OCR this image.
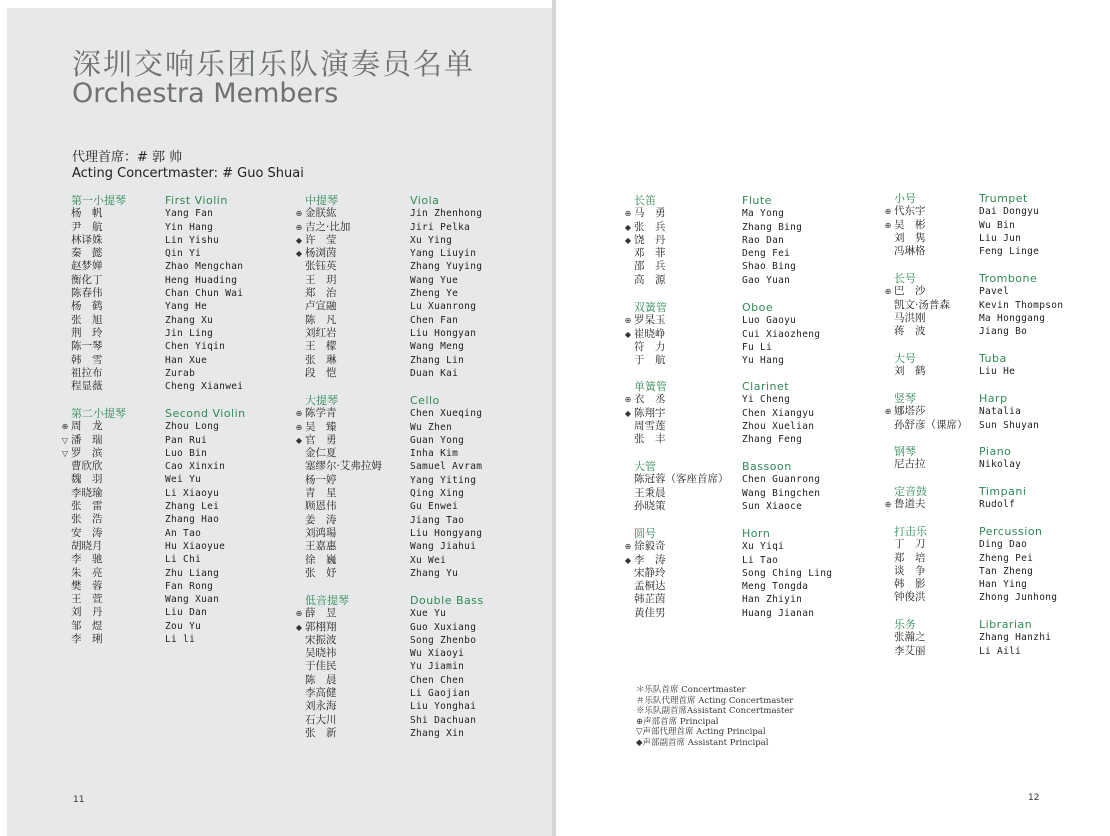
深圳交响乐团乐队演奏员名单
Orchestra Members
代理首席：# 郭 帅
Acting Concertmaster: # Guo Shuai
第一小提琴	First Violin
杨　帆	Yang Fan
尹　航	Yin Hang
林译姝	Lin Yishu
秦　懿	Qin Yi
赵梦婵	Zhao Mengchan
衡化丁	Heng Huading
陈春伟	Chan Chun Wai
杨　鹤	Yang He
张　旭	Zhang Xu
荆　玲	Jin Ling
陈一琴	Chen Yiqin
韩　雪	Han Xue
祖拉布	Zurab
程显薇	Cheng Xianwei
第二小提琴	Second Violin
⊕ 周　龙	Zhou Long
▽ 潘　瑞	Pan Rui
▽ 罗　滨	Luo Bin
曹欣欣	Cao Xinxin
魏　羽	Wei Yu
李晓瑜	Li Xiaoyu
张　雷	Zhang Lei
张　浩	Zhang Hao
安　涛	An Tao
胡晓月	Hu Xiaoyue
李　驰	Li Chi
朱　亮	Zhu Liang
樊　蓉	Fan Rong
王　萱	Wang Xuan
刘　丹	Liu Dan
邹　煜	Zou Yu
李　琍	Li li
中提琴	Viola
⊕ 金朕紘	Jin Zhenhong
⊕ 吉之·比加	Jiri Pelka
◆ 许　莹	Xu Ying
◆ 杨浏茵	Yang Liuyin
张钰英	Zhang Yuying
王　玥	Wang Yue
郑　治	Zheng Ye
卢宣融	Lu Xuanrong
陈　凡	Chen Fan
刘红岩	Liu Hongyan
王　檬	Wang Meng
张　琳	Zhang Lin
段　恺	Duan Kai
大提琴	Cello
⊕ 陈学青	Chen Xueqing
⊕ 吴　臻	Wu Zhen
◆ 官　勇	Guan Yong
金仁夏	Inha Kim
塞缪尔·艾弗拉姆	Samuel Avram
杨一婷	Yang Yiting
青　星	Qing Xing
顾恩伟	Gu Enwei
姜　涛	Jiang Tao
刘鸿瑒	Liu Hongyang
王嘉惠	Wang Jiahui
徐　巍	Xu Wei
张　妤	Zhang Yu
低音提琴	Double Bass
⊕ 薛　昱	Xue Yu
◆ 郭栩翔	Guo Xuxiang
宋振波	Song Zhenbo
吴晓祎	Wu Xiaoyi
于佳民	Yu Jiamin
陈　晨	Chen Chen
李高健	Li Gaojian
刘永海	Liu Yonghai
石大川	Shi Dachuan
张　新	Zhang Xin
长笛	Flute
⊕ 马　勇	Ma Yong
◆ 张　兵	Zhang Bing
◆ 饶　丹	Rao Dan
邓　菲	Deng Fei
邵　兵	Shao Bing
高　源	Gao Yuan
双簧管	Oboe
⊕ 罗杲玉	Luo Gaoyu
◆ 崔晓峥	Cui Xiaozheng
符　力	Fu Li
于　航	Yu Hang
单簧管	Clarinet
⊕ 衣　丞	Yi Cheng
◆ 陈翔宇	Chen Xiangyu
周雪莲	Zhou Xuelian
张　丰	Zhang Feng
大管	Bassoon
陈冠蓉（客座首席） Chen Guanrong
王秉晨	Wang Bingchen
孙晓策	Sun Xiaoce
圆号	Horn
⊕ 徐毅奇	Xu Yiqi
◆ 李　涛	Li Tao
宋静玲	Song Ching Ling
孟桐达	Meng Tongda
韩芷茵	Han Zhiyin
黄佳男	Huang Jianan
小号	Trumpet
⊕ 代东宇	Dai Dongyu
⊕ 吴　彬	Wu Bin
刘　隽	Liu Jun
冯琳格	Feng Linge
长号	Trombone
⊕ 巴　沙	Pavel
凯文·汤普森	Kevin Thompson
马洪刚	Ma Honggang
蒋　波	Jiang Bo
大号	Tuba
刘　鹤	Liu He
竖琴	Harp
⊕ 娜塔莎	Natalia
孙舒彦（课席） Sun Shuyan
钢琴	Piano
尼古拉	Nikolay
定音鼓	Timpani
⊕ 鲁道夫	Rudolf
打击乐	Percussion
丁　刀	Ding Dao
郑　培	Zheng Pei
谈　争	Tan Zheng
韩　影	Han Ying
钟俊洪	Zhong Junhong
乐务	Librarian
张瀚之	Zhang Hanzhi
李艾丽	Li Aili
＊乐队首席 Concertmaster
＃乐队代理首席 Acting Concertmaster
※乐队副首席Assistant Concertmaster
⊕声部首席 Principal
▽声部代理首席 Acting Principal
◆声部副首席 Assistant Principal
11	12
